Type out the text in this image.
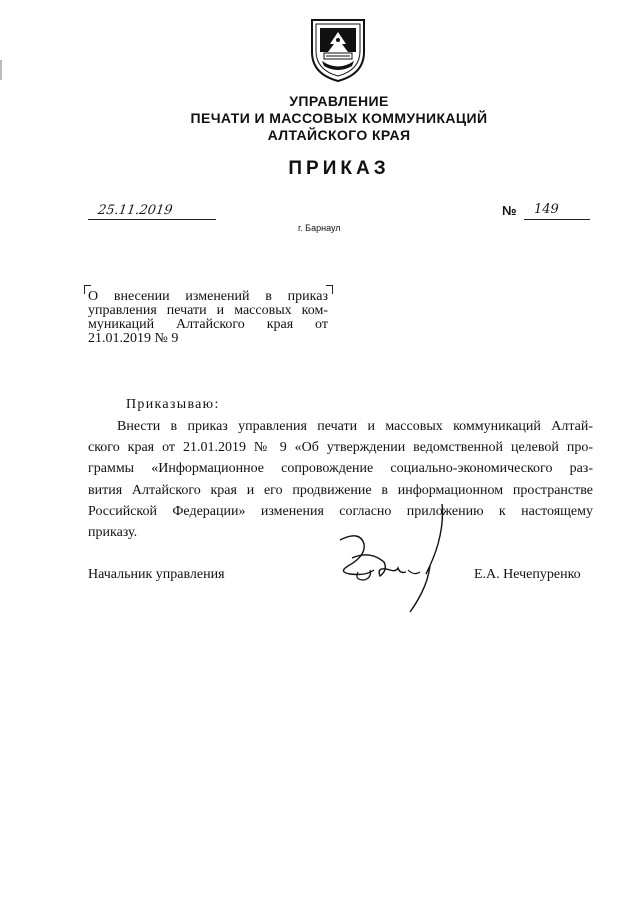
УПРАВЛЕНИЕ
ПЕЧАТИ И МАССОВЫХ КОММУНИКАЦИЙ
АЛТАЙСКОГО КРАЯ
ПРИКАЗ
25.11.2019	№ 149
г. Барнаул
О внесении изменений в приказ
управления печати и массовых ком-
муникаций Алтайского края от
21.01.2019 № 9
Приказываю:
Внести в приказ управления печати и массовых коммуникаций Алтай-
ского края от 21.01.2019 № 9 «Об утверждении ведомственной целевой про-
граммы «Информационное сопровождение социально-экономического раз-
вития Алтайского края и его продвижение в информационном пространстве
Российской Федерации» изменения согласно приложению к настоящему
приказу.
Начальник управления	Е.А. Нечепуренко
